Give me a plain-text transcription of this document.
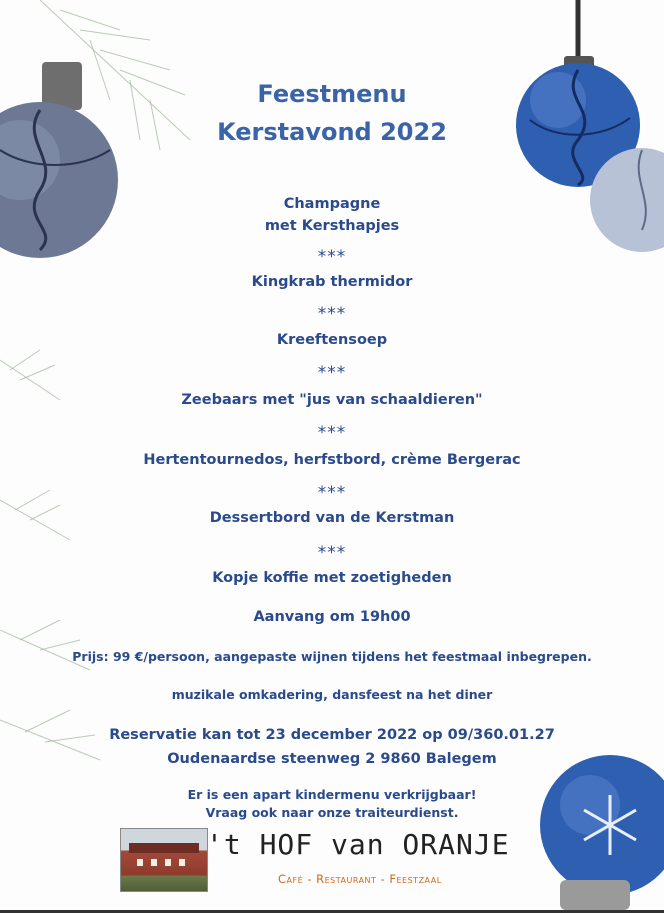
Feestmenu
Kerstavond 2022
Champagne
met Kersthapjes
***
Kingkrab thermidor
***
Kreeftensoep
***
Zeebaars met "jus van schaaldieren"
***
Hertentournedos, herfstbord, crème Bergerac
***
Dessertbord van de Kerstman
***
Kopje koffie met zoetigheden
Aanvang om 19h00
Prijs: 99 €/persoon, aangepaste wijnen tijdens het feestmaal inbegrepen.
muzikale omkadering, dansfeest na het diner
Reservatie kan tot 23 december 2022 op 09/360.01.27
Oudenaardse steenweg 2 9860 Balegem
Er is een apart kindermenu verkrijgbaar!
Vraag ook naar onze traiteurdienst.
't HOF van ORANJE
Café - Restaurant - Feestzaal
